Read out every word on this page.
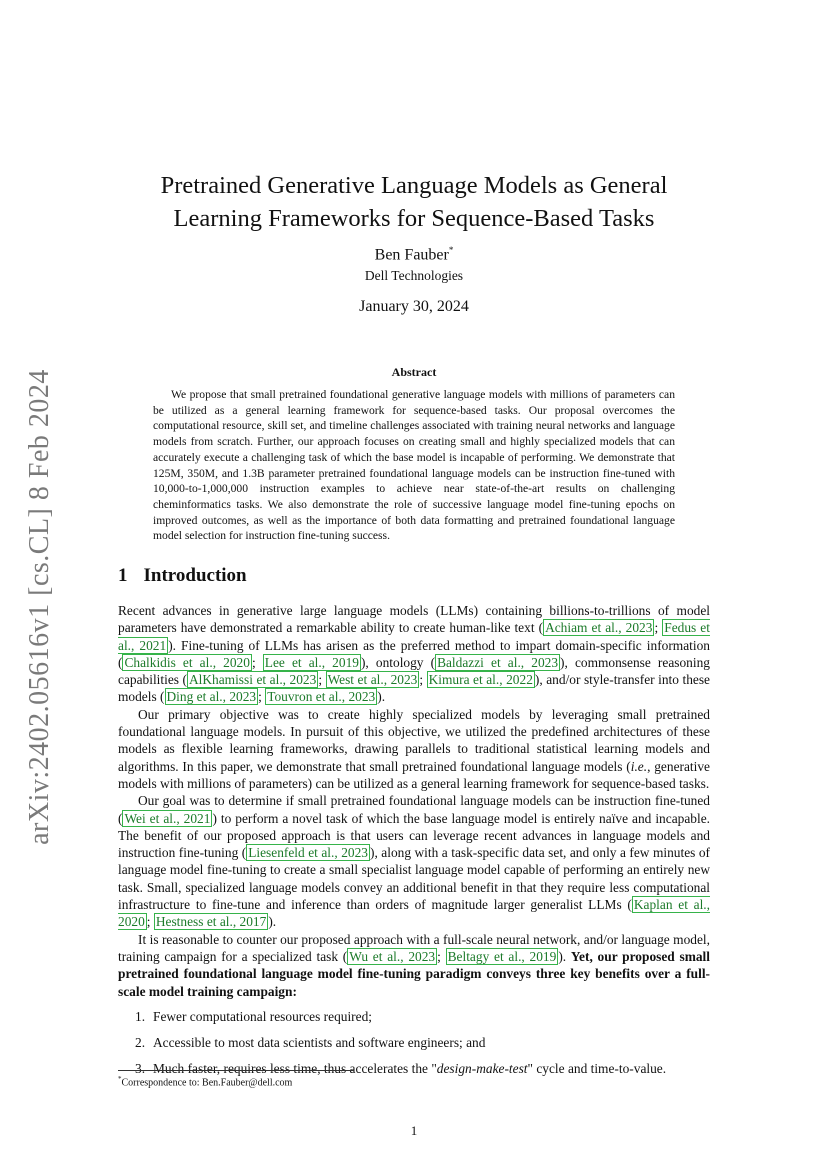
arXiv:2402.05616v1 [cs.CL] 8 Feb 2024
Pretrained Generative Language Models as General
Learning Frameworks for Sequence-Based Tasks
Ben Fauber*
Dell Technologies
January 30, 2024
Abstract
We propose that small pretrained foundational generative language models with millions of parameters can be utilized as a general learning framework for sequence-based tasks. Our proposal overcomes the computational resource, skill set, and timeline challenges associated with training neural networks and language models from scratch. Further, our approach focuses on creating small and highly specialized models that can accurately execute a challenging task of which the base model is incapable of performing. We demonstrate that 125M, 350M, and 1.3B parameter pretrained foundational language models can be instruction fine-tuned with 10,000-to-1,000,000 instruction examples to achieve near state-of-the-art results on challenging cheminformatics tasks. We also demonstrate the role of successive language model fine-tuning epochs on improved outcomes, as well as the importance of both data formatting and pretrained foundational language model selection for instruction fine-tuning success.
1 Introduction

Recent advances in generative large language models (LLMs) containing billions-to-trillions of model parameters have demonstrated a remarkable ability to create human-like text ( Achiam et al., 2023 ; Fedus et al., 2021 ). Fine-tuning of LLMs has arisen as the preferred method to impart domain-specific information ( Chalkidis et al., 2020 ; Lee et al., 2019 ), ontology ( Baldazzi et al., 2023 ), commonsense reasoning capabilities ( AlKhamissi et al., 2023 ; West et al., 2023 ; Kimura et al., 2022 ), and/or style-transfer into these models ( Ding et al., 2023 ; Touvron et al., 2023 ).

Our primary objective was to create highly specialized models by leveraging small pretrained foundational language models. In pursuit of this objective, we utilized the predefined architectures of these models as flexible learning frameworks, drawing parallels to traditional statistical learning models and algorithms. In this paper, we demonstrate that small pretrained foundational language models (i.e., generative models with millions of parameters) can be utilized as a general learning framework for sequence-based tasks.

Our goal was to determine if small pretrained foundational language models can be instruction fine-tuned ( Wei et al., 2021 ) to perform a novel task of which the base language model is entirely naïve and incapable. The benefit of our proposed approach is that users can leverage recent advances in language models and instruction fine-tuning ( Liesenfeld et al., 2023 ), along with a task-specific data set, and only a few minutes of language model fine-tuning to create a small specialist language model capable of performing an entirely new task. Small, specialized language models convey an additional benefit in that they require less computational infrastructure to fine-tune and inference than orders of magnitude larger generalist LLMs ( Kaplan et al., 2020 ; Hestness et al., 2017 ).

It is reasonable to counter our proposed approach with a full-scale neural network, and/or language model, training campaign for a specialized task ( Wu et al., 2023 ; Beltagy et al., 2019 ). Yet, our proposed small pretrained foundational language model fine-tuning paradigm conveys three key benefits over a full-scale model training campaign:

1. Fewer computational resources required;
2. Accessible to most data scientists and software engineers; and
3. Much faster, requires less time, thus accelerates the "design-make-test" cycle and time-to-value.
*Correspondence to: Ben.Fauber@dell.com
1
